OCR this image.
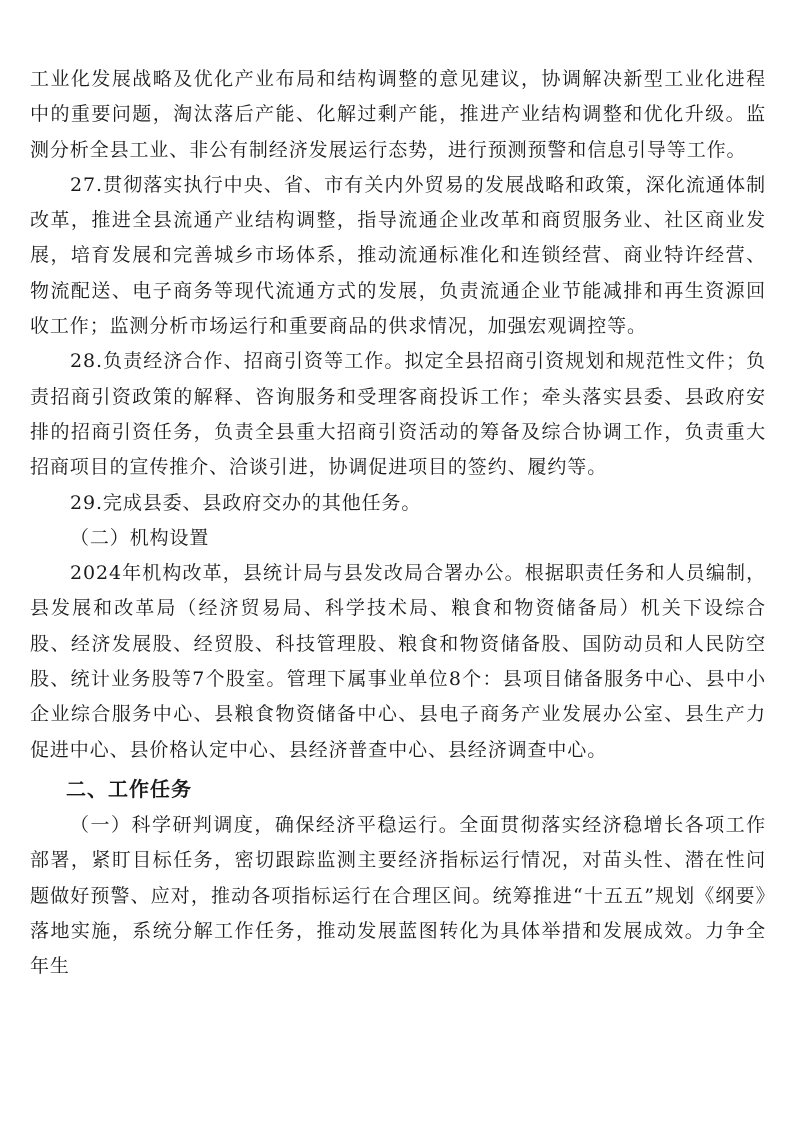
工业化发展战略及优化产业布局和结构调整的意见建议，协调解决新型工业化进程中的重要问题，淘汰落后产能、化解过剩产能，推进产业结构调整和优化升级。监测分析全县工业、非公有制经济发展运行态势，进行预测预警和信息引导等工作。

27.贯彻落实执行中央、省、市有关内外贸易的发展战略和政策，深化流通体制改革，推进全县流通产业结构调整，指导流通企业改革和商贸服务业、社区商业发展，培育发展和完善城乡市场体系，推动流通标准化和连锁经营、商业特许经营、物流配送、电子商务等现代流通方式的发展，负责流通企业节能减排和再生资源回收工作；监测分析市场运行和重要商品的供求情况，加强宏观调控等。

28.负责经济合作、招商引资等工作。拟定全县招商引资规划和规范性文件；负责招商引资政策的解释、咨询服务和受理客商投诉工作；牵头落实县委、县政府安排的招商引资任务，负责全县重大招商引资活动的筹备及综合协调工作，负责重大招商项目的宣传推介、洽谈引进，协调促进项目的签约、履约等。

29.完成县委、县政府交办的其他任务。

（二）机构设置

2024年机构改革，县统计局与县发改局合署办公。根据职责任务和人员编制，县发展和改革局（经济贸易局、科学技术局、粮食和物资储备局）机关下设综合股、经济发展股、经贸股、科技管理股、粮食和物资储备股、国防动员和人民防空股、统计业务股等7个股室。管理下属事业单位8个：县项目储备服务中心、县中小企业综合服务中心、县粮食物资储备中心、县电子商务产业发展办公室、县生产力促进中心、县价格认定中心、县经济普查中心、县经济调查中心。

二、工作任务

（一）科学研判调度，确保经济平稳运行。全面贯彻落实经济稳增长各项工作部署，紧盯目标任务，密切跟踪监测主要经济指标运行情况，对苗头性、潜在性问题做好预警、应对，推动各项指标运行在合理区间。统筹推进“十五五”规划《纲要》落地实施，系统分解工作任务，推动发展蓝图转化为具体举措和发展成效。力争全年生
